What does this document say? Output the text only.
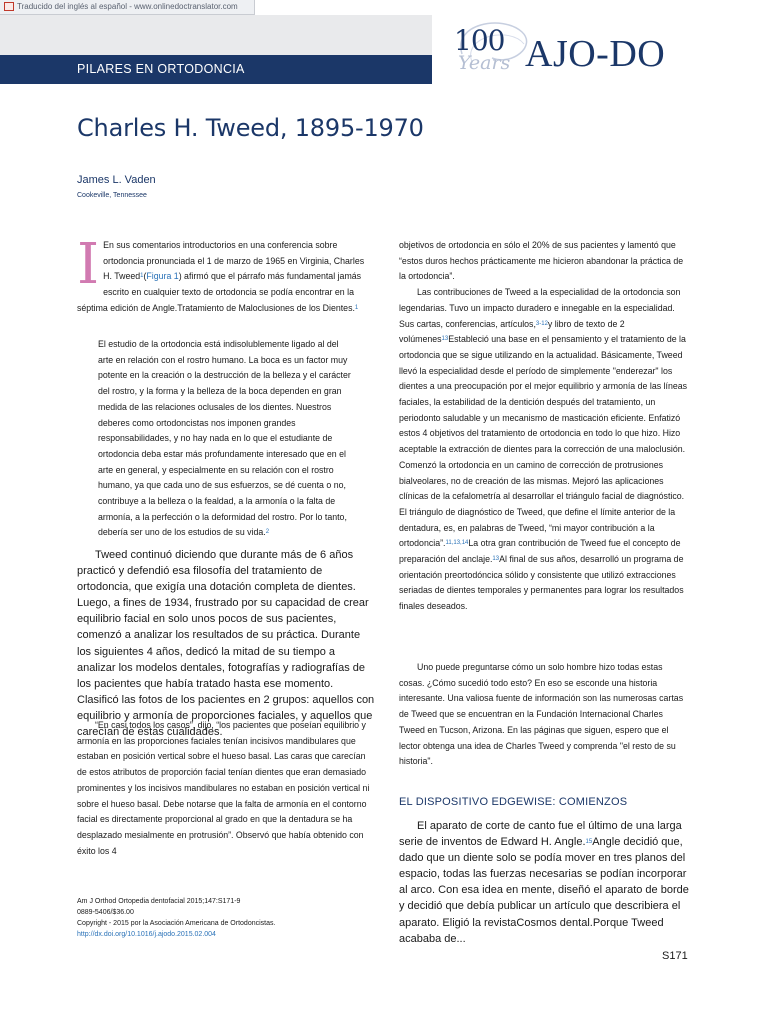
Traducido del inglés al español - www.onlinedoctranslator.com
PILARES EN ORTODONCIA
100
Years AJO-DO
Charles H. Tweed, 1895-1970
James L. Vaden
Cookeville, Tennessee

I En sus comentarios introductorios en una conferencia sobre ortodoncia pronunciada el 1 de marzo de 1965 en Virginia, Charles H. Tweed$^1$(Figura 1) afirmó que el párrafo más fundamental jamás escrito en cualquier texto de ortodoncia se podía encontrar en la séptima edición de Angle.Tratamiento de Maloclusiones de los Dientes.$^1$

El estudio de la ortodoncia está indisolublemente ligado al del arte en relación con el rostro humano. La boca es un factor muy potente en la creación o la destrucción de la belleza y el carácter del rostro, y la forma y la belleza de la boca dependen en gran medida de las relaciones oclusales de los dientes. Nuestros deberes como ortodoncistas nos imponen grandes responsabilidades, y no hay nada en lo que el estudiante de ortodoncia deba estar más profundamente interesado que en el arte en general, y especialmente en su relación con el rostro humano, ya que cada uno de sus esfuerzos, se dé cuenta o no, contribuye a la belleza o la fealdad, a la armonía o la falta de armonía, a la perfección o la deformidad del rostro. Por lo tanto, debería ser uno de los estudios de su vida.$^2$

Tweed continuó diciendo que durante más de 6 años practicó y defendió esa filosofía del tratamiento de ortodoncia, que exigía una dotación completa de dientes. Luego, a fines de 1934, frustrado por su capacidad de crear equilibrio facial en solo unos pocos de sus pacientes, comenzó a analizar los resultados de su práctica. Durante los siguientes 4 años, dedicó la mitad de su tiempo a analizar los modelos dentales, fotografías y radiografías de los pacientes que había tratado hasta ese momento. Clasificó las fotos de los pacientes en 2 grupos: aquellos con equilibrio y armonía de proporciones faciales, y aquellos que carecían de estas cualidades.

“En casi todos los casos”, dijo, “los pacientes que poseían equilibrio y armonía en las proporciones faciales tenían incisivos mandibulares que estaban en posición vertical sobre el hueso basal. Las caras que carecían de estos atributos de proporción facial tenían dientes que eran demasiado prominentes y los incisivos mandibulares no estaban en posición vertical ni sobre el hueso basal. Debe notarse que la falta de armonía en el contorno facial es directamente proporcional al grado en que la dentadura se ha desplazado mesialmente en protrusión”. Observó que había obtenido con éxito los 4

Am J Orthod Ortopedia dentofacial 2015;147:S171-9
0889-5406/$36.00
Copyright - 2015 por la Asociación Americana de Ortodoncistas.
http://dx.doi.org/10.1016/j.ajodo.2015.02.004

objetivos de ortodoncia en sólo el 20% de sus pacientes y lamentó que “estos duros hechos prácticamente me hicieron abandonar la práctica de la ortodoncia”.

Las contribuciones de Tweed a la especialidad de la ortodoncia son legendarias. Tuvo un impacto duradero e innegable en la especialidad. Sus cartas, conferencias, artículos,$^{3-12}$y libro de texto de 2 volúmenes$^{13}$Estableció una base en el pensamiento y el tratamiento de la ortodoncia que se sigue utilizando en la actualidad. Básicamente, Tweed llevó la especialidad desde el período de simplemente "enderezar" los dientes a una preocupación por el mejor equilibrio y armonía de las líneas faciales, la estabilidad de la dentición después del tratamiento, un periodonto saludable y un mecanismo de masticación eficiente. Enfatizó estos 4 objetivos del tratamiento de ortodoncia en todo lo que hizo. Hizo aceptable la extracción de dientes para la corrección de una maloclusión. Comenzó la ortodoncia en un camino de corrección de protrusiones bialveolares, no de creación de las mismas. Mejoró las aplicaciones clínicas de la cefalometría al desarrollar el triángulo facial de diagnóstico. El triángulo de diagnóstico de Tweed, que define el límite anterior de la dentadura, es, en palabras de Tweed, “mi mayor contribución a la ortodoncia”.$^{11,13,14}$La otra gran contribución de Tweed fue el concepto de preparación del anclaje.$^{13}$Al final de sus años, desarrolló un programa de orientación preortodóncica sólido y consistente que utilizó extracciones seriadas de dientes temporales y permanentes para lograr los resultados finales deseados.

Uno puede preguntarse cómo un solo hombre hizo todas estas cosas. ¿Cómo sucedió todo esto? En eso se esconde una historia interesante. Una valiosa fuente de información son las numerosas cartas de Tweed que se encuentran en la Fundación Internacional Charles Tweed en Tucson, Arizona. En las páginas que siguen, espero que el lector obtenga una idea de Charles Tweed y comprenda "el resto de su historia".

EL DISPOSITIVO EDGEWISE: COMIENZOS

El aparato de corte de canto fue el último de una larga serie de inventos de Edward H. Angle.$^{15}$Angle decidió que, dado que un diente solo se podía mover en tres planos del espacio, todas las fuerzas necesarias se podían incorporar al arco. Con esa idea en mente, diseñó el aparato de borde y decidió que debía publicar un artículo que describiera el aparato. Eligió la revistaCosmos dental.Porque Tweed acababa de...

S171
